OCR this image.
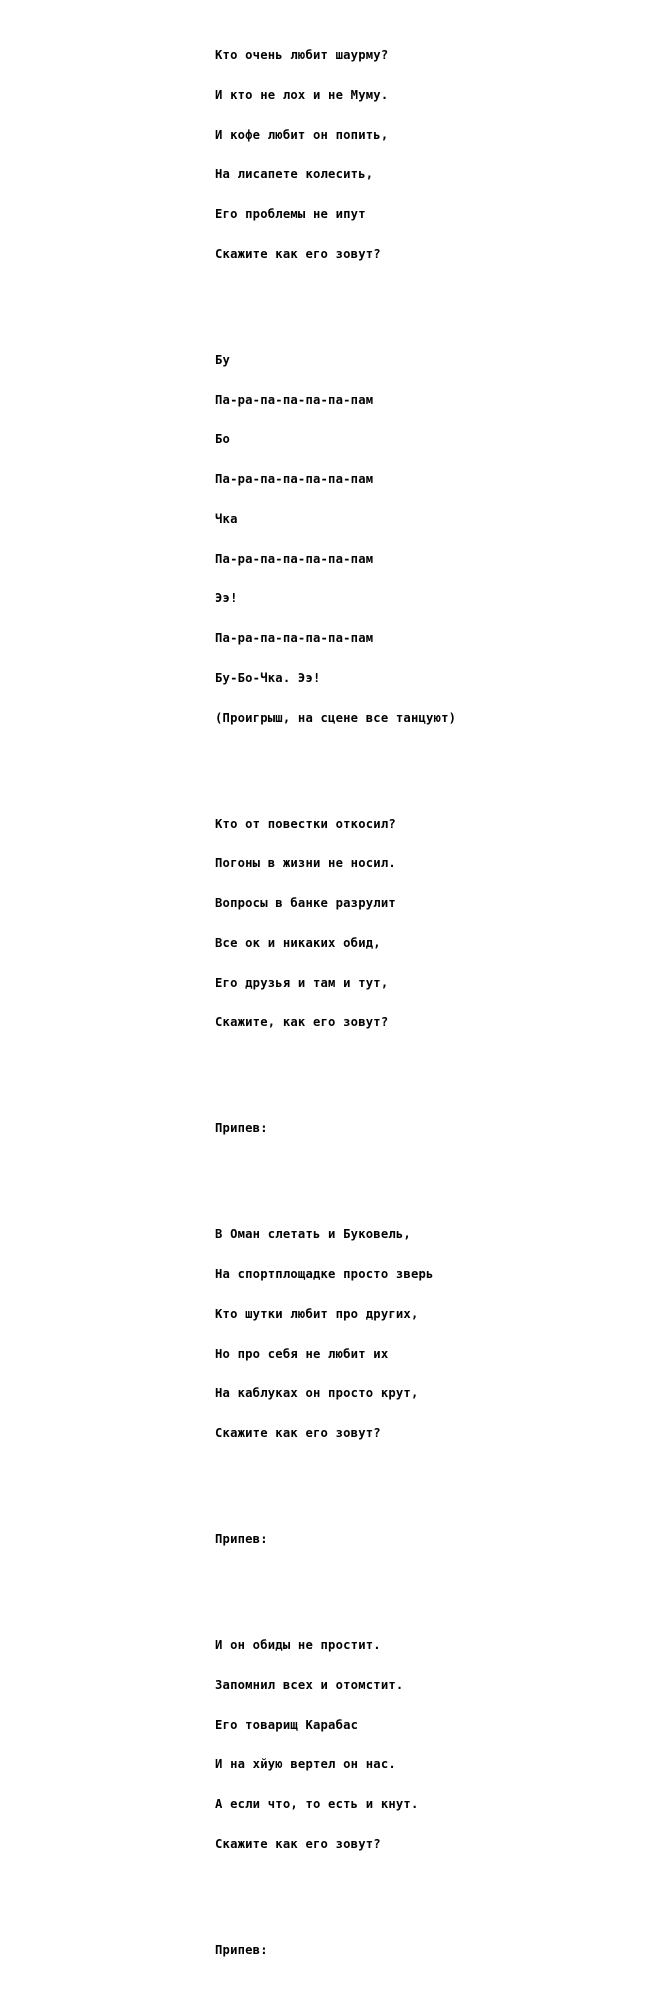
Кто очень любит шаурму?

И кто не лох и не Муму.

И кофе любит он попить,

На лисапете колесить,

Его проблемы не ипут

Скажите как его зовут?

Бу

Па-ра-па-па-па-па-пам

Бо

Па-ра-па-па-па-па-пам

Чка

Па-ра-па-па-па-па-пам

Ээ!

Па-ра-па-па-па-па-пам

Бу-Бо-Чка. Ээ!

(Проигрыш, на сцене все танцуют)

Кто от повестки откосил?

Погоны в жизни не носил.

Вопросы в банке разрулит

Все ок и никаких обид,

Его друзья и там и тут,

Скажите, как его зовут?

Припев:

В Оман слетать и Буковель,

На спортплощадке просто зверь

Кто шутки любит про других,

Но про себя не любит их

На каблуках он просто крут,

Скажите как его зовут?

Припев:

И он обиды не простит.

Запомнил всех и отомстит.

Его товарищ Карабас

И на хйую вертел он нас.

А если что, то есть и кнут.

Скажите как его зовут?

Припев:
